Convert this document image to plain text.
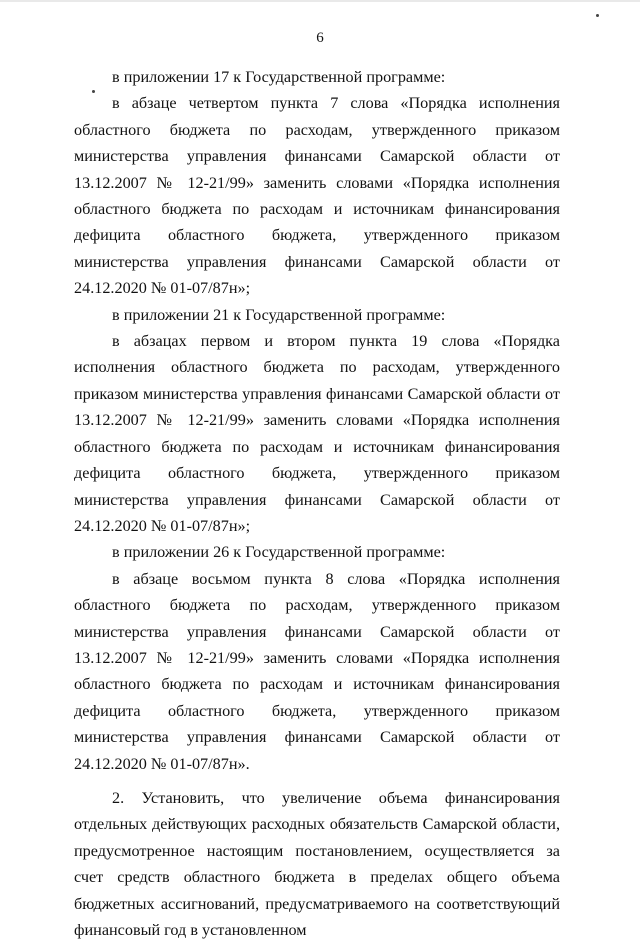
6

в приложении 17 к Государственной программе:

в абзаце четвертом пункта 7 слова «Порядка исполнения областного бюджета по расходам, утвержденного приказом министерства управления финансами Самарской области от 13.12.2007 № 12-21/99» заменить словами «Порядка исполнения областного бюджета по расходам и источникам финансирования дефицита областного бюджета, утвержденного приказом министерства управления финансами Самарской области от 24.12.2020 № 01-07/87н»;

в приложении 21 к Государственной программе:

в абзацах первом и втором пункта 19 слова «Порядка исполнения областного бюджета по расходам, утвержденного приказом министерства управления финансами Самарской области от 13.12.2007 № 12-21/99» заменить словами «Порядка исполнения областного бюджета по расходам и источникам финансирования дефицита областного бюджета, утвержденного приказом министерства управления финансами Самарской области от 24.12.2020 № 01-07/87н»;

в приложении 26 к Государственной программе:

в абзаце восьмом пункта 8 слова «Порядка исполнения областного бюджета по расходам, утвержденного приказом министерства управления финансами Самарской области от 13.12.2007 № 12-21/99» заменить словами «Порядка исполнения областного бюджета по расходам и источникам финансирования дефицита областного бюджета, утвержденного приказом министерства управления финансами Самарской области от 24.12.2020 № 01-07/87н».

2. Установить, что увеличение объема финансирования отдельных действующих расходных обязательств Самарской области, предусмотренное настоящим постановлением, осуществляется за счет средств областного бюджета в пределах общего объема бюджетных ассигнований, предусматриваемого на соответствующий финансовый год в установленном
